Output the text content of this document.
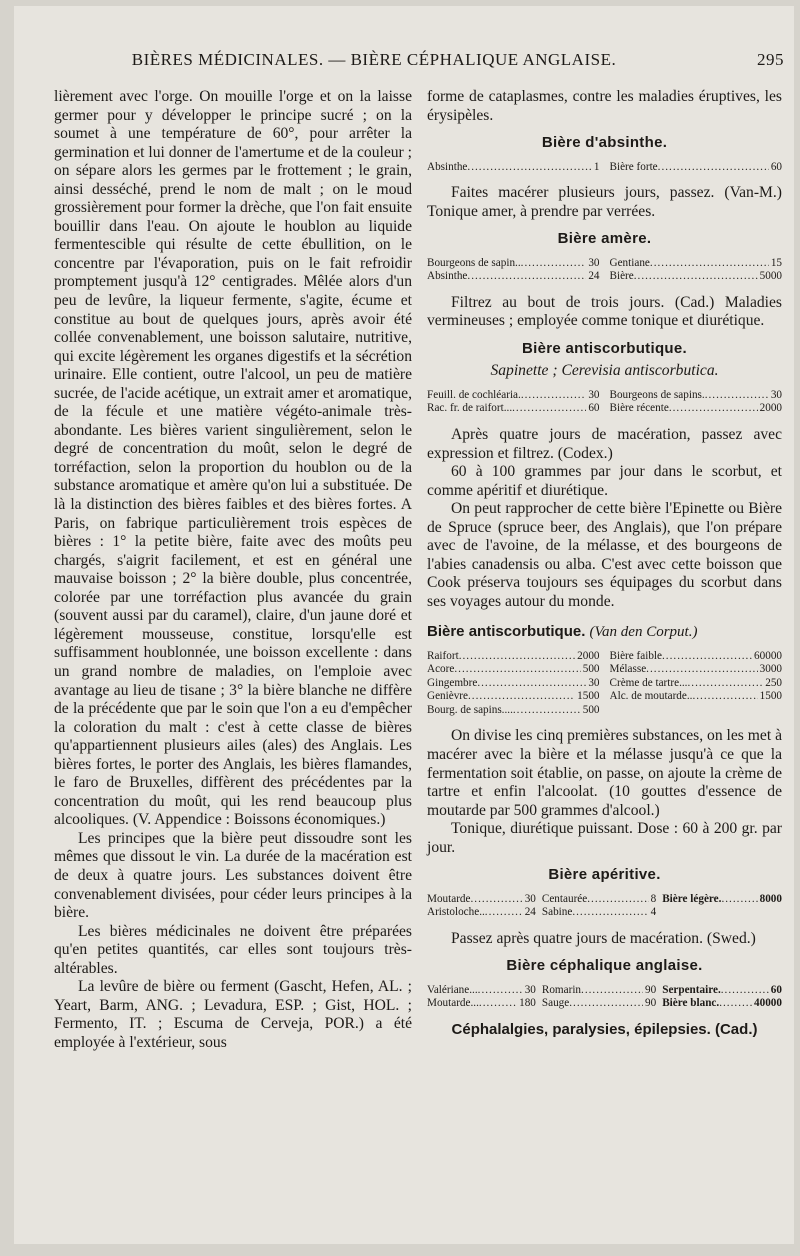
BIÈRES MÉDICINALES. — BIÈRE CÉPHALIQUE ANGLAISE.	295

lièrement avec l'orge. On mouille l'orge et on la laisse germer pour y développer le principe sucré ; on la soumet à une température de 60°, pour arrêter la germination et lui donner de l'amertume et de la couleur ; on sépare alors les germes par le frottement ; le grain, ainsi desséché, prend le nom de malt ; on le moud grossièrement pour former la drèche, que l'on fait ensuite bouillir dans l'eau. On ajoute le houblon au liquide fermentescible qui résulte de cette ébullition, on le concentre par l'évaporation, puis on le fait refroidir promptement jusqu'à 12° centigrades. Mêlée alors d'un peu de levûre, la liqueur fermente, s'agite, écume et constitue au bout de quelques jours, après avoir été collée convenablement, une boisson salutaire, nutritive, qui excite légèrement les organes digestifs et la sécrétion urinaire. Elle contient, outre l'alcool, un peu de matière sucrée, de l'acide acétique, un extrait amer et aromatique, de la fécule et une matière végéto-animale très-abondante. Les bières varient singulièrement, selon le degré de concentration du moût, selon le degré de torréfaction, selon la proportion du houblon ou de la substance aromatique et amère qu'on lui a substituée. De là la distinction des bières faibles et des bières fortes. A Paris, on fabrique particulièrement trois espèces de bières : 1° la petite bière, faite avec des moûts peu chargés, s'aigrit facilement, et est en général une mauvaise boisson ; 2° la bière double, plus concentrée, colorée par une torréfaction plus avancée du grain (souvent aussi par du caramel), claire, d'un jaune doré et légèrement mousseuse, constitue, lorsqu'elle est suffisamment houblonnée, une boisson excellente : dans un grand nombre de maladies, on l'emploie avec avantage au lieu de tisane ; 3° la bière blanche ne diffère de la précédente que par le soin que l'on a eu d'empêcher la coloration du malt : c'est à cette classe de bières qu'appartiennent plusieurs ailes (ales) des Anglais. Les bières fortes, le porter des Anglais, les bières flamandes, le faro de Bruxelles, diffèrent des précédentes par la concentration du moût, qui les rend beaucoup plus alcooliques. (V. Appendice : Boissons économiques.)

Les principes que la bière peut dissoudre sont les mêmes que dissout le vin. La durée de la macération est de deux à quatre jours. Les substances doivent être convenablement divisées, pour céder leurs principes à la bière.

Les bières médicinales ne doivent être préparées qu'en petites quantités, car elles sont toujours très-altérables.

La levûre de bière ou ferment (Gascht, Hefen, AL. ; Yeart, Barm, ANG. ; Levadura, ESP. ; Gist, HOL. ; Fermento, IT. ; Escuma de Cerveja, POR.) a été employée à l'extérieur, sous

forme de cataplasmes, contre les maladies éruptives, les érysipèles.

Bière d'absinthe.
Absinthe .....	1 Bière forte .....	60

Faites macérer plusieurs jours, passez. (Van-M.) Tonique amer, à prendre par verrées.

Bière amère.
Bourgeons de sapin.. .....	30 Gentiane .....	15
Absinthe .....	24 Bière .....	5000

Filtrez au bout de trois jours. (Cad.) Maladies vermineuses ; employée comme tonique et diurétique.

Bière antiscorbutique.
Sapinette ; Cerevisia antiscorbutica.
Feuill. de cochléaria. .....	30 Bourgeons de sapins. .....	30
Rac. fr. de raifort... .....	60 Bière récente .....	2000

Après quatre jours de macération, passez avec expression et filtrez. (Codex.)

60 à 100 grammes par jour dans le scorbut, et comme apéritif et diurétique.

On peut rapprocher de cette bière l'Epinette ou Bière de Spruce (spruce beer, des Anglais), que l'on prépare avec de l'avoine, de la mélasse, et des bourgeons de l'abies canadensis ou alba. C'est avec cette boisson que Cook préserva toujours ses équipages du scorbut dans ses voyages autour du monde.

Bière antiscorbutique. (Van den Corput.)
Raifort .....	2000 Bière faible .....	60000
Acore .....	500 Mélasse .....	3000
Gingembre .....	30 Crème de tartre... .....	250
Genièvre .....	1500 Alc. de moutarde.. .....	1500
Bourg. de sapins.... .....	500

On divise les cinq premières substances, on les met à macérer avec la bière et la mélasse jusqu'à ce que la fermentation soit établie, on passe, on ajoute la crème de tartre et enfin l'alcoolat. (10 gouttes d'essence de moutarde par 500 grammes d'alcool.)

Tonique, diurétique puissant. Dose : 60 à 200 gr. par jour.

Bière apéritive.
Moutarde .....	30 Centaurée .....	8 Bière légère. .....	8000
Aristoloche.. .....	24 Sabine .....	4

Passez après quatre jours de macération. (Swed.)

Bière céphalique anglaise.
Valériane... .....	30 Romarin .....	90 Serpentaire. .....	60
Moutarde... .....	180 Sauge .....	90 Bière blanc. .....	40000
Céphalalgies, paralysies, épilepsies. (Cad.)
